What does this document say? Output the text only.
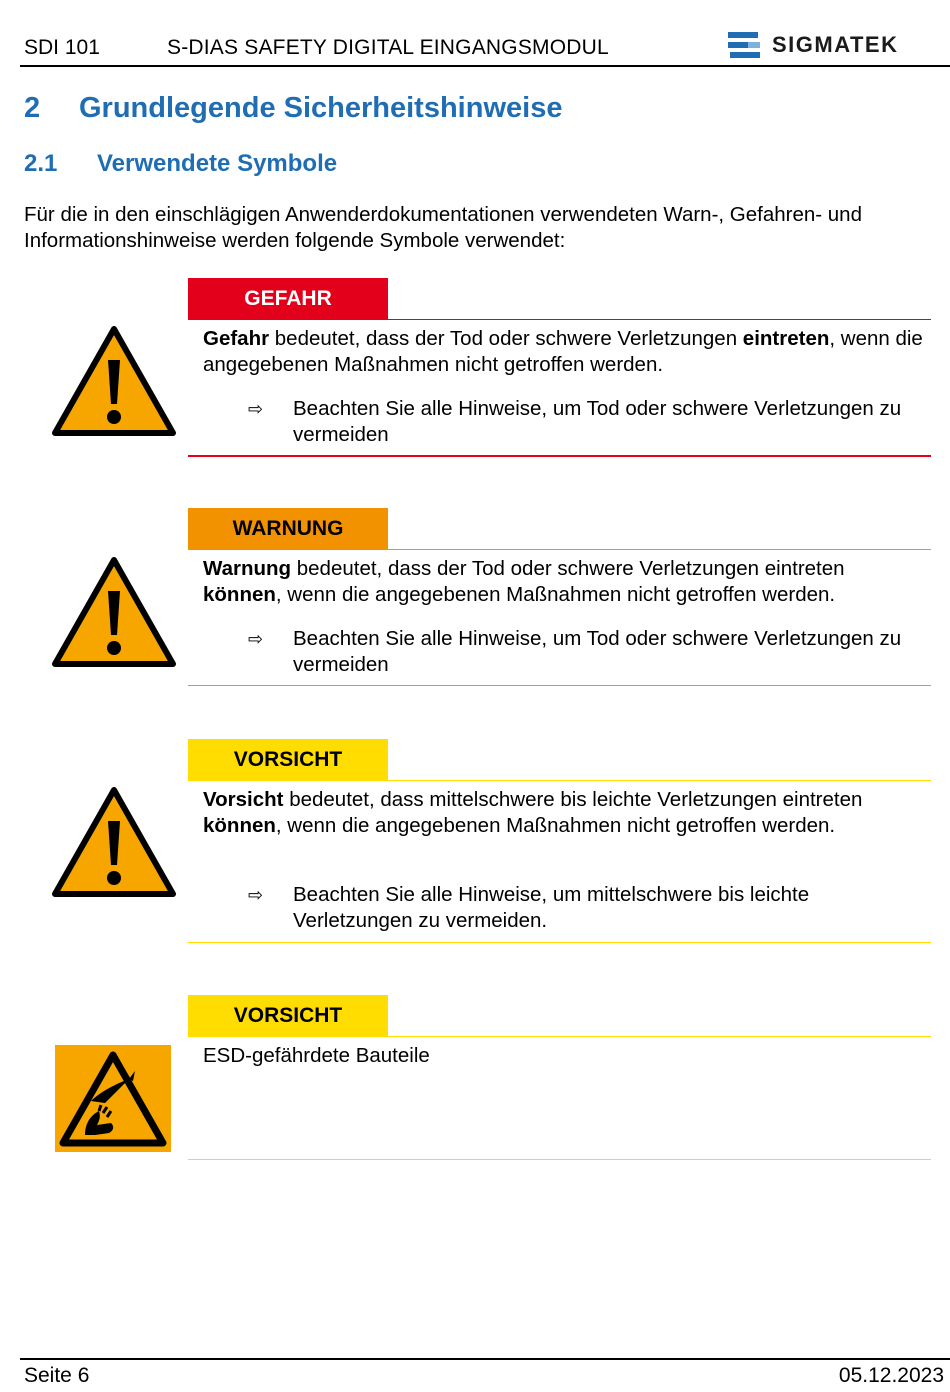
SDI 101	S-DIAS SAFETY DIGITAL EINGANGSMODUL	SIGMATEK
2 Grundlegende Sicherheitshinweise
2.1 Verwendete Symbole
Für die in den einschlägigen Anwenderdokumentationen verwendeten Warn-, Gefahren- und Informationshinweise werden folgende Symbole verwendet:
GEFAHR
Gefahr bedeutet, dass der Tod oder schwere Verletzungen eintreten, wenn die angegebenen Maßnahmen nicht getroffen werden.
⇨ Beachten Sie alle Hinweise, um Tod oder schwere Verletzungen zu vermeiden
WARNUNG
Warnung bedeutet, dass der Tod oder schwere Verletzungen eintreten können, wenn die angegebenen Maßnahmen nicht getroffen werden.
⇨ Beachten Sie alle Hinweise, um Tod oder schwere Verletzungen zu vermeiden
VORSICHT
Vorsicht bedeutet, dass mittelschwere bis leichte Verletzungen eintreten können, wenn die angegebenen Maßnahmen nicht getroffen werden.
⇨ Beachten Sie alle Hinweise, um mittelschwere bis leichte Verletzungen zu vermeiden.
VORSICHT
ESD-gefährdete Bauteile
Seite 6	05.12.2023
